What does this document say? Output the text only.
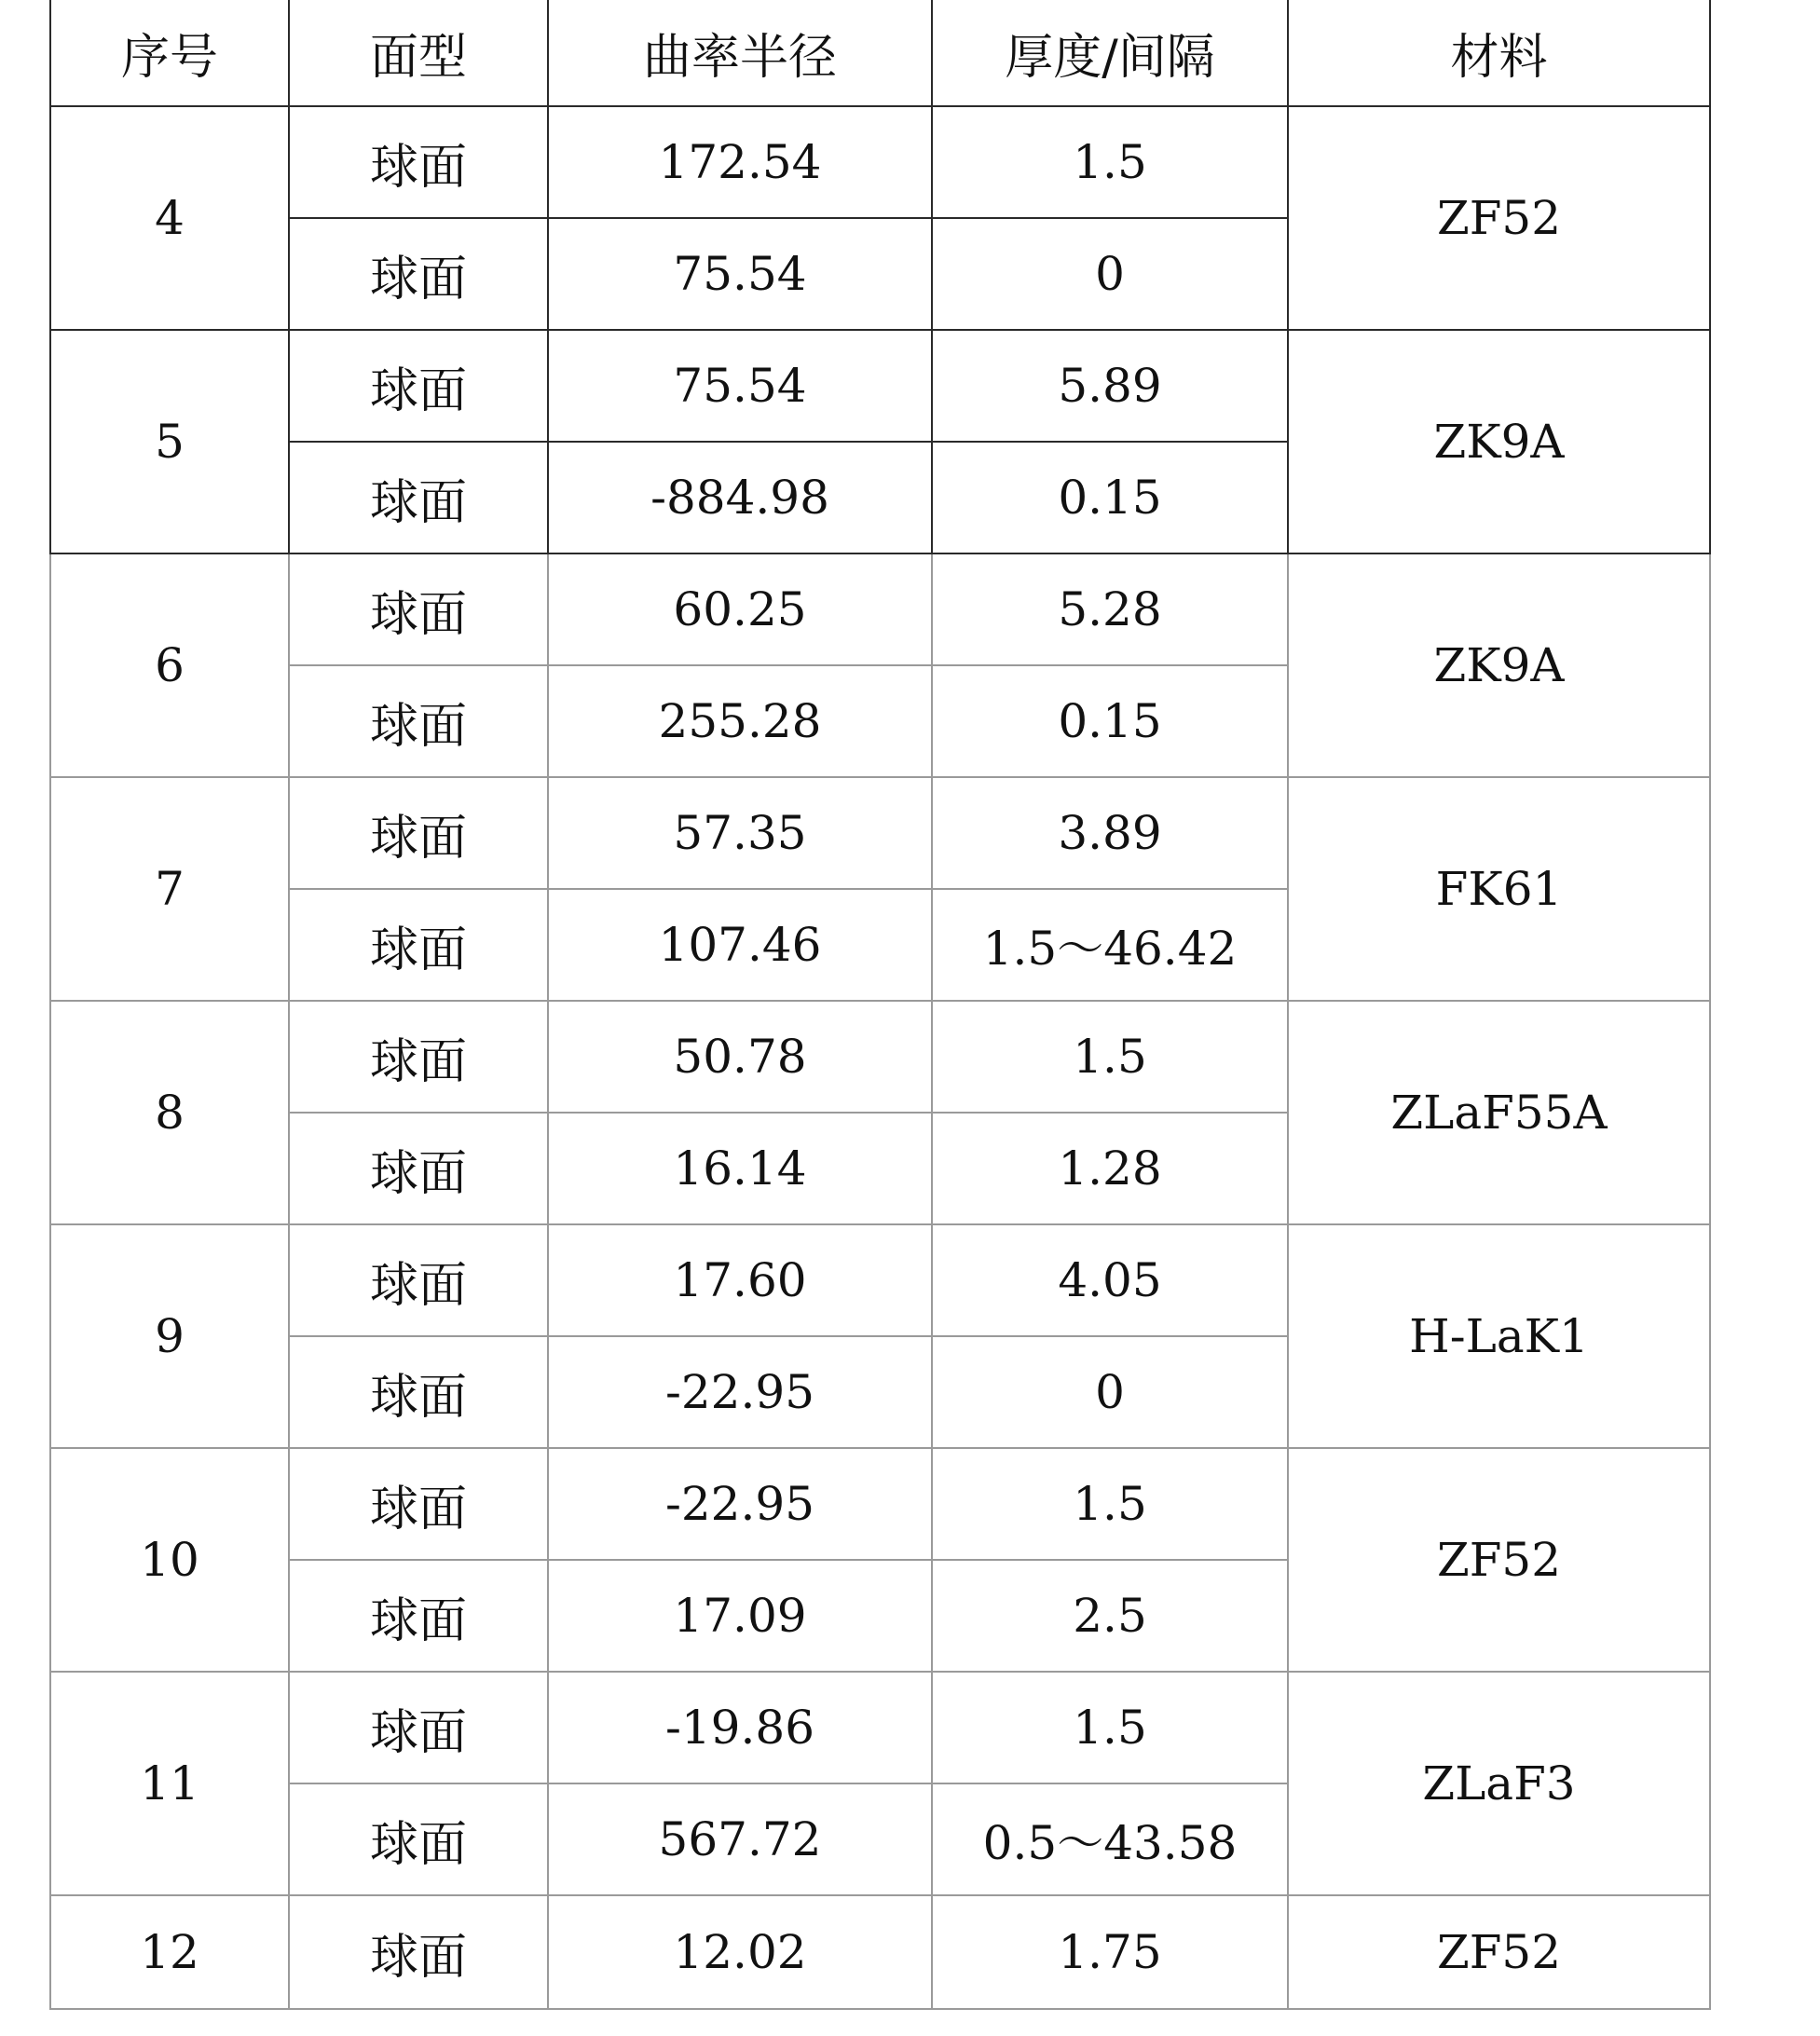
序号	面型	曲率半径	厚度/间隔	材料
4	球面	172.54	1.5	ZF52
	球面	75.54	0	
5	球面	75.54	5.89	ZK9A
	球面	-884.98	0.15	
6	球面	60.25	5.28	ZK9A
	球面	255.28	0.15	
7	球面	57.35	3.89	FK61
	球面	107.46	1.5～46.42	
8	球面	50.78	1.5	ZLaF55A
	球面	16.14	1.28	
9	球面	17.60	4.05	H-LaK1
	球面	-22.95	0	
10	球面	-22.95	1.5	ZF52
	球面	17.09	2.5	
11	球面	-19.86	1.5	ZLaF3
	球面	567.72	0.5～43.58	
12	球面	12.02	1.75	ZF52
